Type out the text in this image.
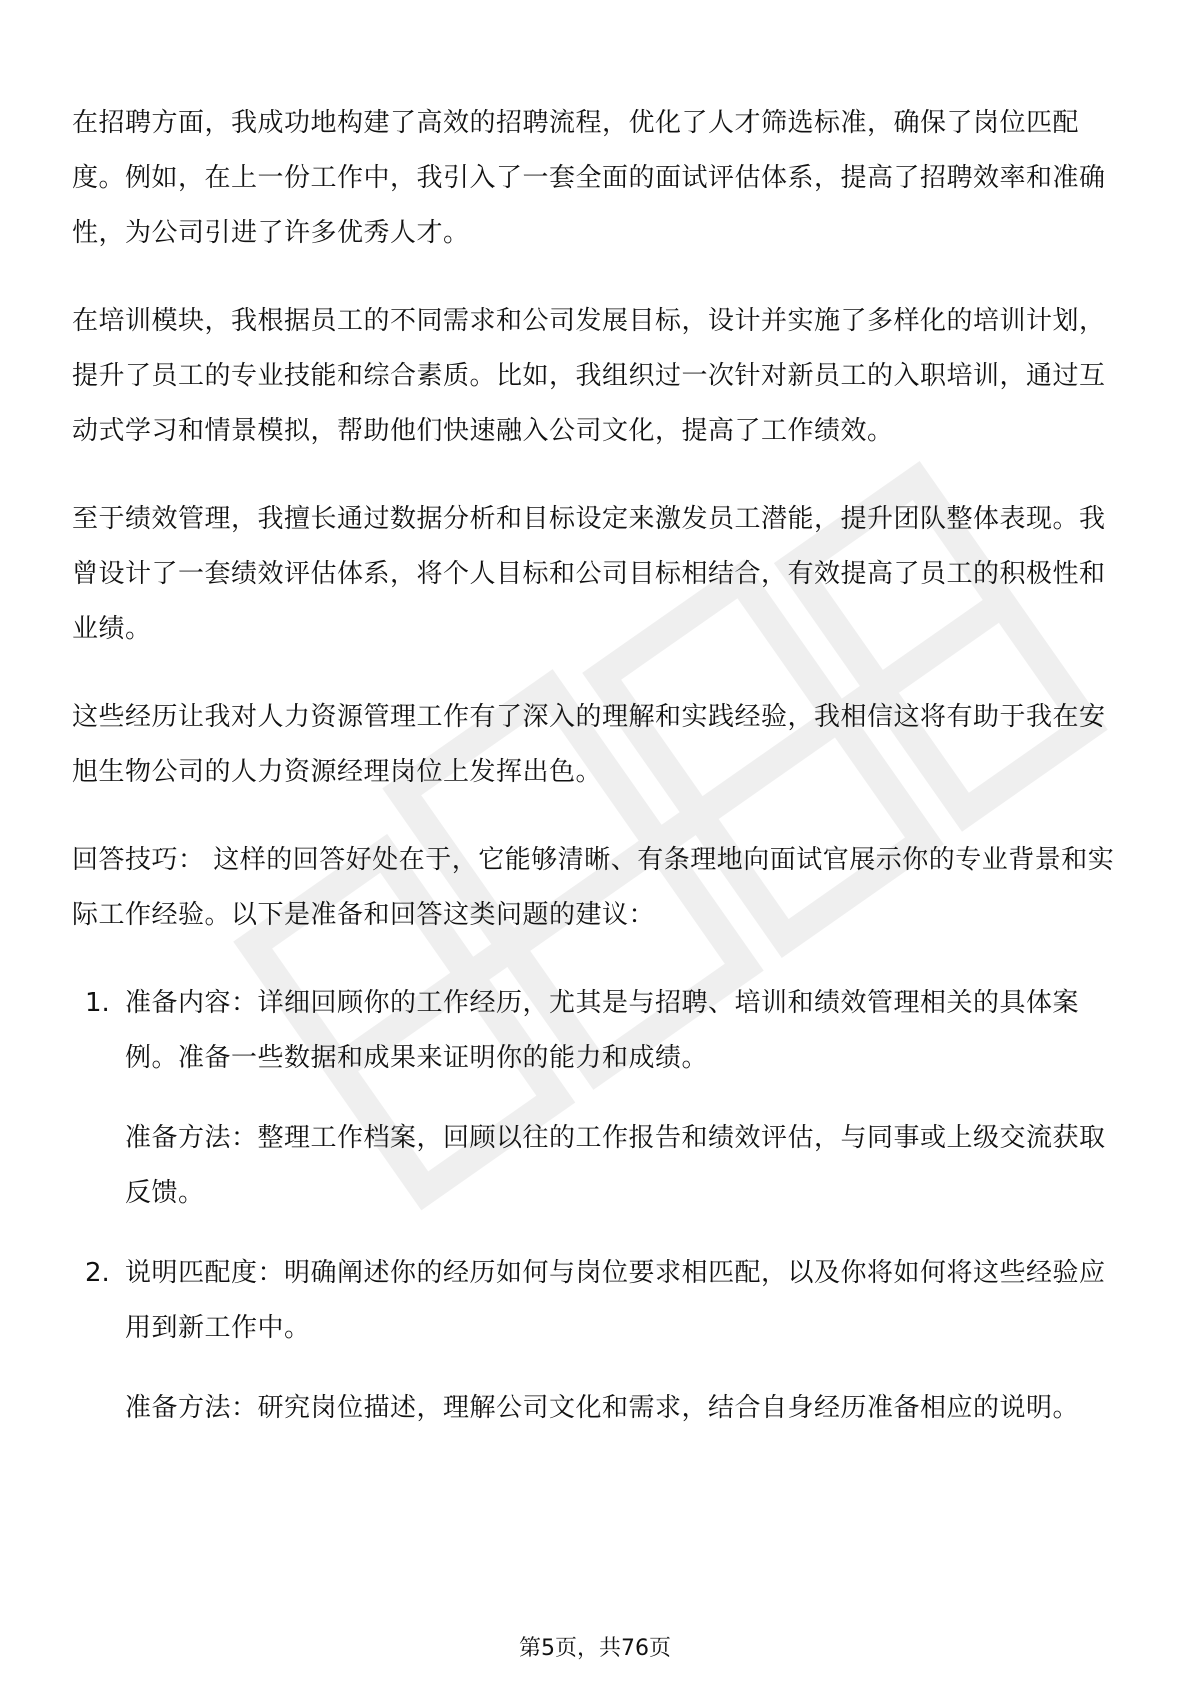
在招聘方面，我成功地构建了高效的招聘流程，优化了人才筛选标准，确保了岗位匹配度。例如，在上一份工作中，我引入了一套全面的面试评估体系，提高了招聘效率和准确性，为公司引进了许多优秀人才。

在培训模块，我根据员工的不同需求和公司发展目标，设计并实施了多样化的培训计划，提升了员工的专业技能和综合素质。比如，我组织过一次针对新员工的入职培训，通过互动式学习和情景模拟，帮助他们快速融入公司文化，提高了工作绩效。

至于绩效管理，我擅长通过数据分析和目标设定来激发员工潜能，提升团队整体表现。我曾设计了一套绩效评估体系，将个人目标和公司目标相结合，有效提高了员工的积极性和业绩。

这些经历让我对人力资源管理工作有了深入的理解和实践经验，我相信这将有助于我在安旭生物公司的人力资源经理岗位上发挥出色。

回答技巧： 这样的回答好处在于，它能够清晰、有条理地向面试官展示你的专业背景和实际工作经验。以下是准备和回答这类问题的建议：

1. 准备内容：详细回顾你的工作经历，尤其是与招聘、培训和绩效管理相关的具体案例。准备一些数据和成果来证明你的能力和成绩。

准备方法：整理工作档案，回顾以往的工作报告和绩效评估，与同事或上级交流获取反馈。

2. 说明匹配度：明确阐述你的经历如何与岗位要求相匹配，以及你将如何将这些经验应用到新工作中。

准备方法：研究岗位描述，理解公司文化和需求，结合自身经历准备相应的说明。

第5页，共76页
